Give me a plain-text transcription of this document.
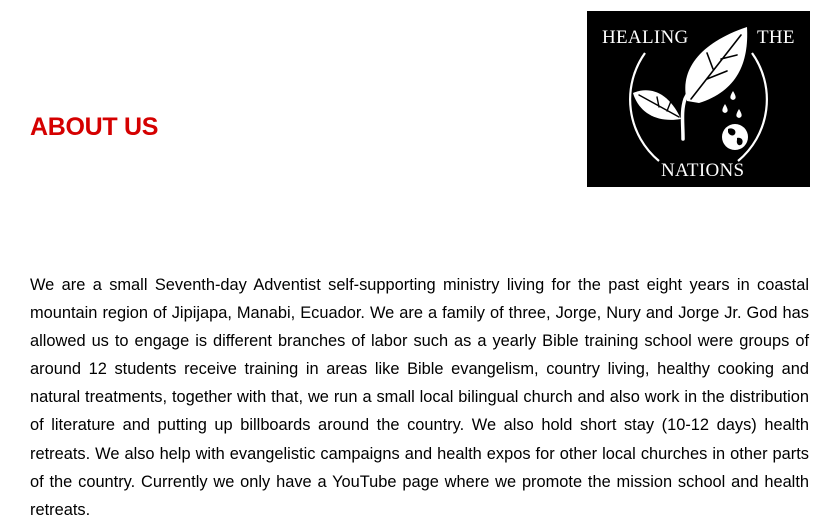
ABOUT US
HEALING	THE
NATIONS

We are a small Seventh-day Adventist self-supporting ministry living for the past eight years in coastal mountain region of Jipijapa, Manabi, Ecuador. We are a family of three, Jorge, Nury and Jorge Jr. God has allowed us to engage is different branches of labor such as a yearly Bible training school were groups of around 12 students receive training in areas like Bible evangelism, country living, healthy cooking and natural treatments, together with that, we run a small local bilingual church and also work in the distribution of literature and putting up billboards around the country. We also hold short stay (10-12 days) health retreats. We also help with evangelistic campaigns and health expos for other local churches in other parts of the country. Currently we only have a YouTube page where we promote the mission school and health retreats.
